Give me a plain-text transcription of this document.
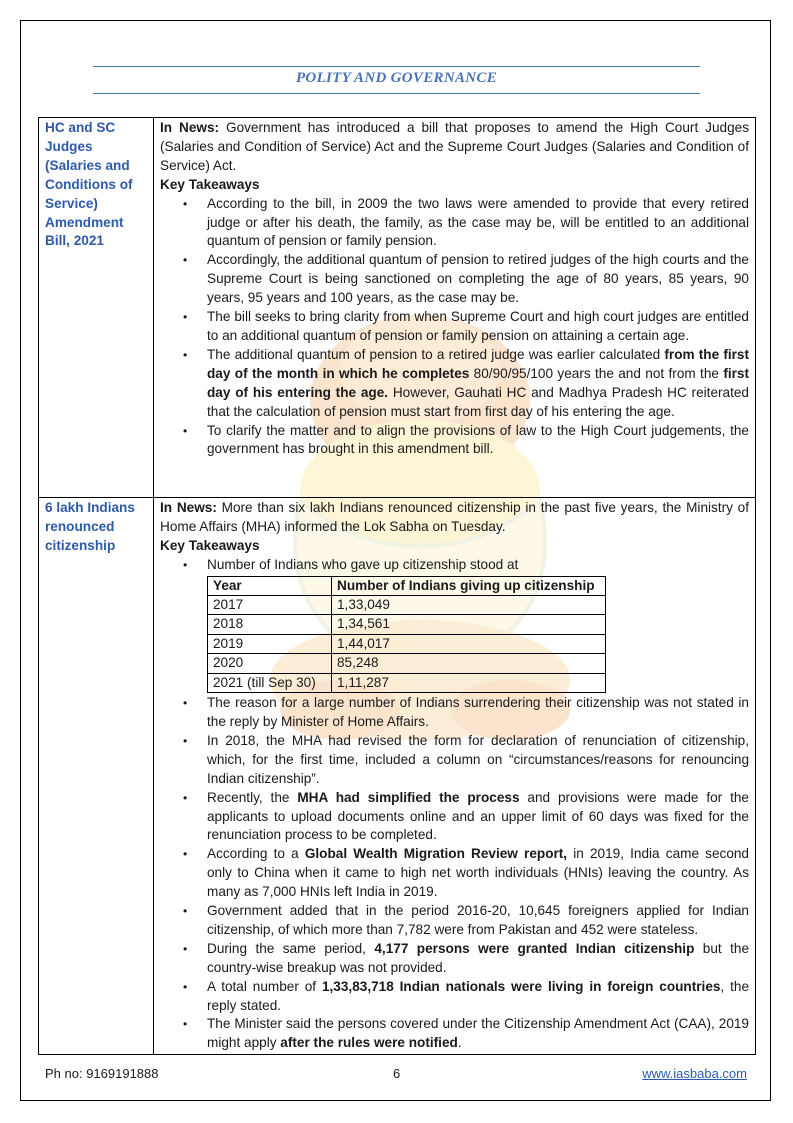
POLITY AND GOVERNANCE
HC and SC Judges (Salaries and Conditions of Service) Amendment Bill, 2021	
In News: Government has introduced a bill that proposes to amend the High Court Judges (Salaries and Condition of Service) Act and the Supreme Court Judges (Salaries and Condition of Service) Act.
Key Takeaways
• According to the bill, in 2009 the two laws were amended to provide that every retired judge or after his death, the family, as the case may be, will be entitled to an additional quantum of pension or family pension.
• Accordingly, the additional quantum of pension to retired judges of the high courts and the Supreme Court is being sanctioned on completing the age of 80 years, 85 years, 90 years, 95 years and 100 years, as the case may be.
• The bill seeks to bring clarity from when Supreme Court and high court judges are entitled to an additional quantum of pension or family pension on attaining a certain age.
• The additional quantum of pension to a retired judge was earlier calculated from the first day of the month in which he completes 80/90/95/100 years the and not from the first day of his entering the age. However, Gauhati HC and Madhya Pradesh HC reiterated that the calculation of pension must start from first day of his entering the age.
• To clarify the matter and to align the provisions of law to the High Court judgements, the government has brought in this amendment bill.

6 lakh Indians renounced citizenship	
In News: More than six lakh Indians renounced citizenship in the past five years, the Ministry of Home Affairs (MHA) informed the Lok Sabha on Tuesday.
Key Takeaways
• Number of Indians who gave up citizenship stood at
Year	Number of Indians giving up citizenship
2017	1,33,049
2018	1,34,561
2019	1,44,017
2020	85,248
2021 (till Sep 30)	1,11,287
• The reason for a large number of Indians surrendering their citizenship was not stated in the reply by Minister of Home Affairs.
• In 2018, the MHA had revised the form for declaration of renunciation of citizenship, which, for the first time, included a column on “circumstances/reasons for renouncing Indian citizenship”.
• Recently, the MHA had simplified the process and provisions were made for the applicants to upload documents online and an upper limit of 60 days was fixed for the renunciation process to be completed.
• According to a Global Wealth Migration Review report, in 2019, India came second only to China when it came to high net worth individuals (HNIs) leaving the country. As many as 7,000 HNIs left India in 2019.
• Government added that in the period 2016-20, 10,645 foreigners applied for Indian citizenship, of which more than 7,782 were from Pakistan and 452 were stateless.
• During the same period, 4,177 persons were granted Indian citizenship but the country-wise breakup was not provided.
• A total number of 1,33,83,718 Indian nationals were living in foreign countries, the reply stated.
• The Minister said the persons covered under the Citizenship Amendment Act (CAA), 2019 might apply after the rules were notified.
Ph no: 9169191888	6	www.iasbaba.com
